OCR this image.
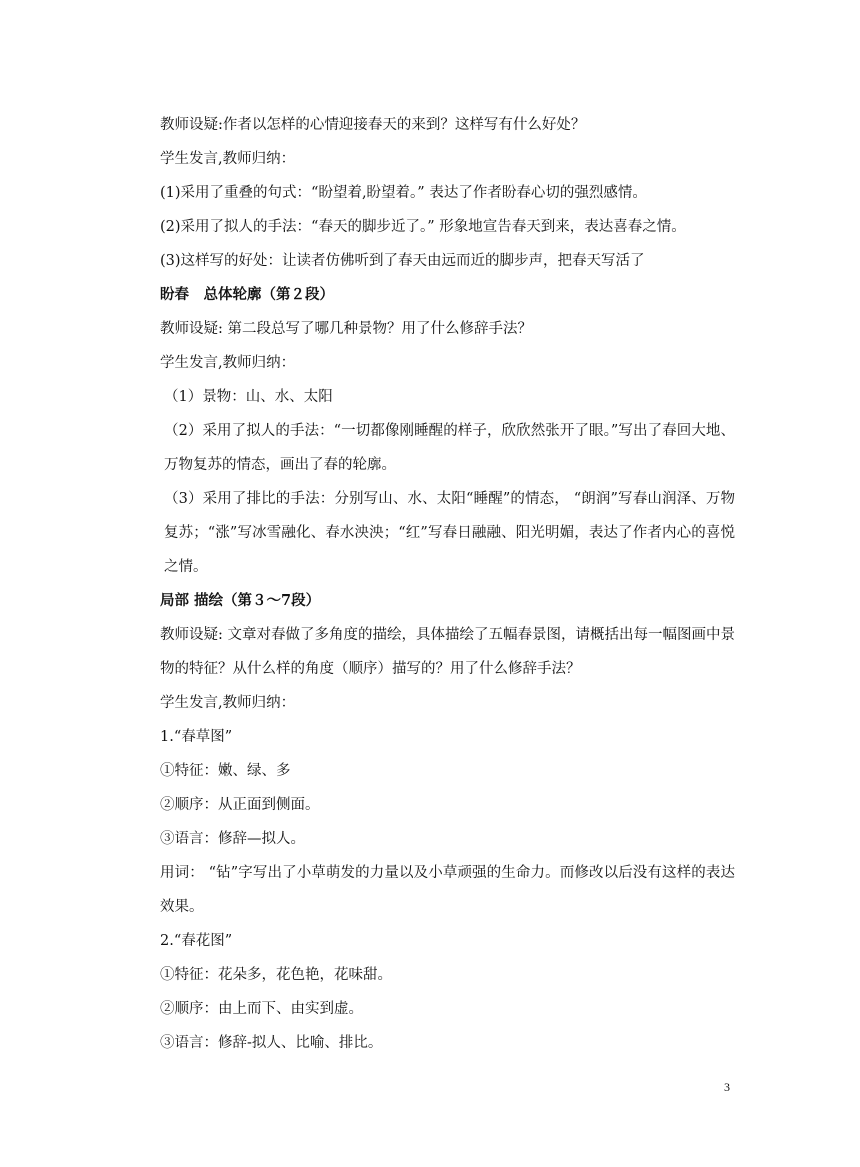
教师设疑:作者以怎样的心情迎接春天的来到？这样写有什么好处？
学生发言,教师归纳：
(1)采用了重叠的句式：“盼望着,盼望着。” 表达了作者盼春心切的强烈感情。
(2)采用了拟人的手法：“春天的脚步近了。” 形象地宣告春天到来，表达喜春之情。
(3)这样写的好处：让读者仿佛听到了春天由远而近的脚步声，把春天写活了
盼春　总体轮廓（第２段）
教师设疑: 第二段总写了哪几种景物？用了什么修辞手法？
学生发言,教师归纳：
（1）景物：山、水、太阳
（2）采用了拟人的手法：“一切都像刚睡醒的样子，欣欣然张开了眼。”写出了春回大地、万物复苏的情态，画出了春的轮廓。
（3）采用了排比的手法：分别写山、水、太阳“睡醒”的情态， “朗润”写春山润泽、万物复苏；“涨”写冰雪融化、春水泱泱；“红”写春日融融、阳光明媚，表达了作者内心的喜悦之情。
局部 描绘（第３～7段）
教师设疑: 文章对春做了多角度的描绘，具体描绘了五幅春景图，请概括出每一幅图画中景物的特征？从什么样的角度（顺序）描写的？用了什么修辞手法？
学生发言,教师归纳：
1.“春草图”
①特征：嫩、绿、多
②顺序：从正面到侧面。
③语言：修辞—拟人。
用词： “钻”字写出了小草萌发的力量以及小草顽强的生命力。而修改以后没有这样的表达效果。
2.“春花图”
①特征：花朵多，花色艳，花味甜。
②顺序：由上而下、由实到虚。
③语言：修辞-拟人、比喻、排比。
3
